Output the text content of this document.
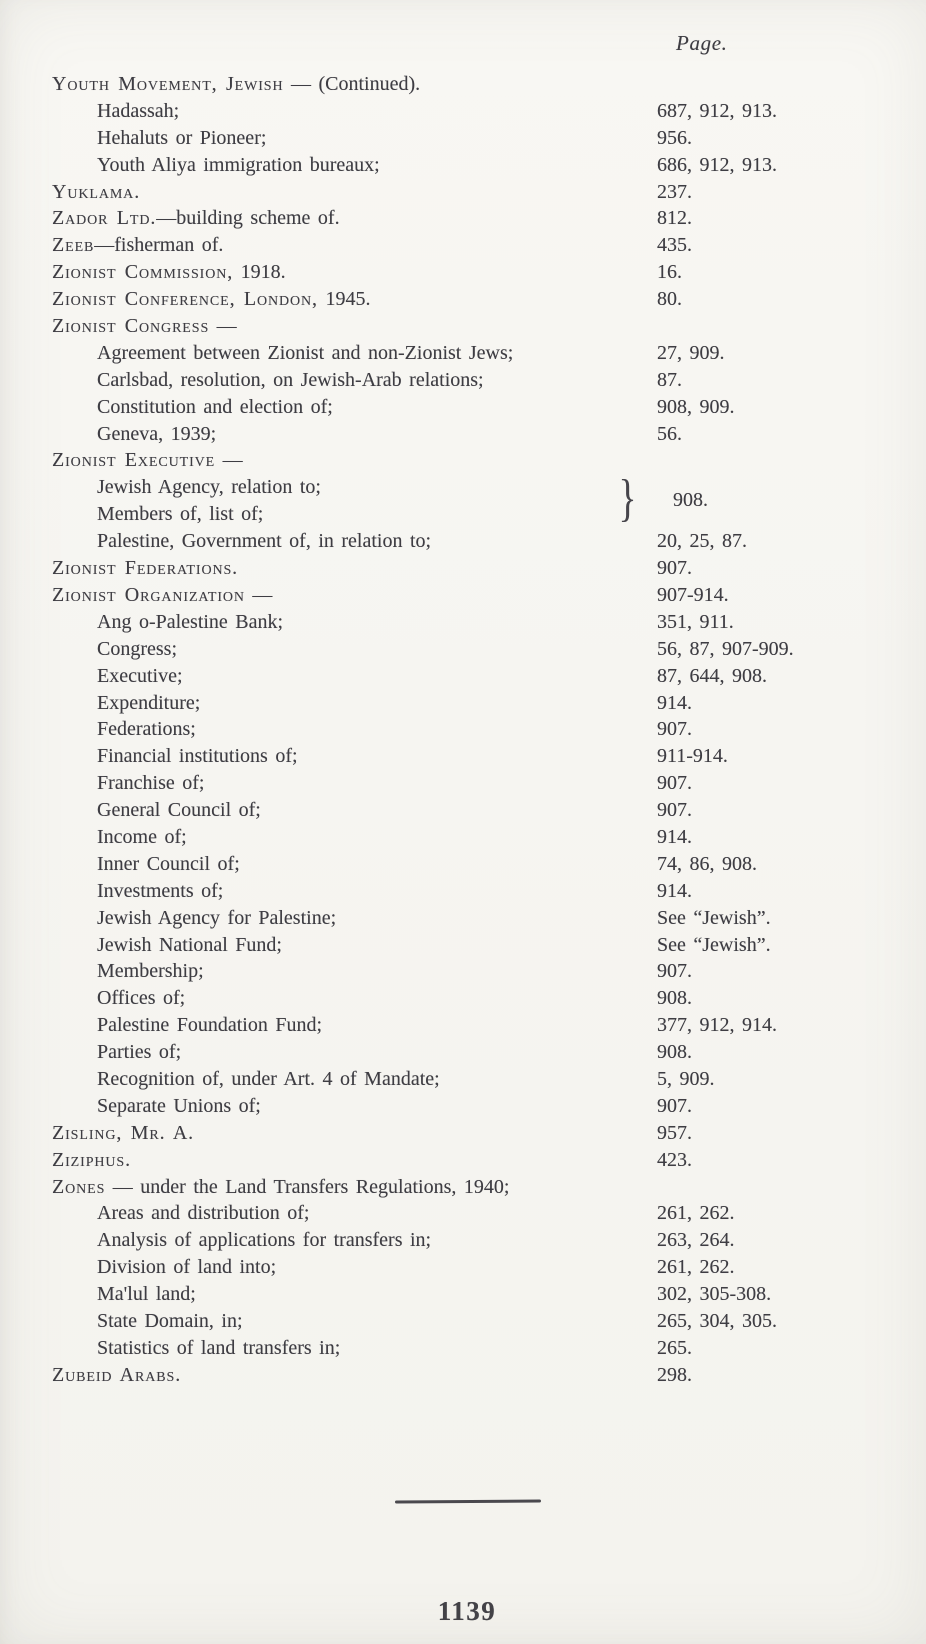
Page.
Youth Movement, Jewish — (Continued).
Hadassah;	687, 912, 913.
Hehaluts or Pioneer;	956.
Youth Aliya immigration bureaux;	686, 912, 913.
Yuklama.	237.
Zador Ltd.—building scheme of.	812.
Zeeb—fisherman of.	435.
Zionist Commission, 1918.	16.
Zionist Conference, London, 1945.	80.
Zionist Congress —
Agreement between Zionist and non-Zionist Jews;	27, 909.
Carlsbad, resolution, on Jewish-Arab relations;	87.
Constitution and election of;	908, 909.
Geneva, 1939;	56.
Zionist Executive —
Jewish Agency, relation to;
Members of, list of;	} 908.
Palestine, Government of, in relation to;	20, 25, 87.
Zionist Federations.	907.
Zionist Organization —	907-914.
Ang o-Palestine Bank;	351, 911.
Congress;	56, 87, 907-909.
Executive;	87, 644, 908.
Expenditure;	914.
Federations;	907.
Financial institutions of;	911-914.
Franchise of;	907.
General Council of;	907.
Income of;	914.
Inner Council of;	74, 86, 908.
Investments of;	914.
Jewish Agency for Palestine;	See “Jewish”.
Jewish National Fund;	See “Jewish”.
Membership;	907.
Offices of;	908.
Palestine Foundation Fund;	377, 912, 914.
Parties of;	908.
Recognition of, under Art. 4 of Mandate;	5, 909.
Separate Unions of;	907.
Zisling, Mr. A.	957.
Ziziphus.	423.
Zones — under the Land Transfers Regulations, 1940;
Areas and distribution of;	261, 262.
Analysis of applications for transfers in;	263, 264.
Division of land into;	261, 262.
Ma'lul land;	302, 305-308.
State Domain, in;	265, 304, 305.
Statistics of land transfers in;	265.
Zubeid Arabs.	298.
1139
